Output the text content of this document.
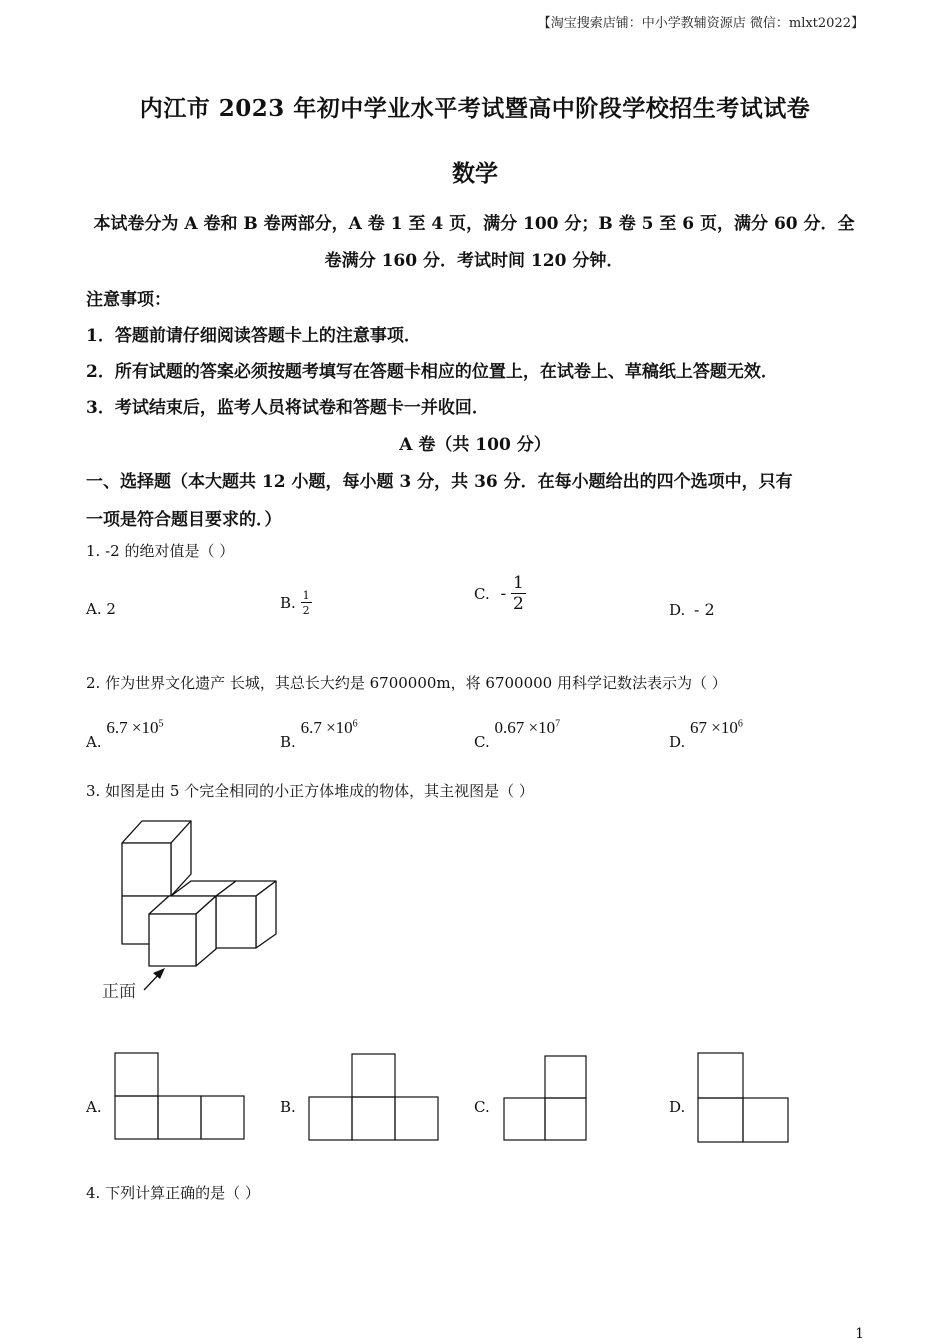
【淘宝搜索店铺：中小学教辅资源店 微信：mlxt2022】
内江市 2023 年初中学业水平考试暨高中阶段学校招生考试试卷
数学
本试卷分为 A 卷和 B 卷两部分，A 卷 1 至 4 页，满分 100 分；B 卷 5 至 6 页，满分 60 分．全卷满分 160 分．考试时间 120 分钟．
注意事项：
1．答题前请仔细阅读答题卡上的注意事项．
2．所有试题的答案必须按题考填写在答题卡相应的位置上，在试卷上、草稿纸上答题无效．
3．考试结束后，监考人员将试卷和答题卡一并收回．
A 卷（共 100 分）
一、选择题（本大题共 12 小题，每小题 3 分，共 36 分．在每小题给出的四个选项中，只有
一项是符合题目要求的．）
1. -2 的绝对值是（ ）
A. 2	B. $\frac{1}{2}$	C. - $\frac{1}{2}$	D. - 2
2. 作为世界文化遗产 长城，其总长大约是 6700000m，将 6700000 用科学记数法表示为（ ）
A. $6.7 \times 10^5$
B. $6.7 \times 10^6$
C. $0.67 \times 10^7$
D. $67 \times 10^6$
3. 如图是由 5 个完全相同的小正方体堆成的物体，其主视图是（ ）
正面
A.	B.	C.	D.
4. 下列计算正确的是（ ）
1
